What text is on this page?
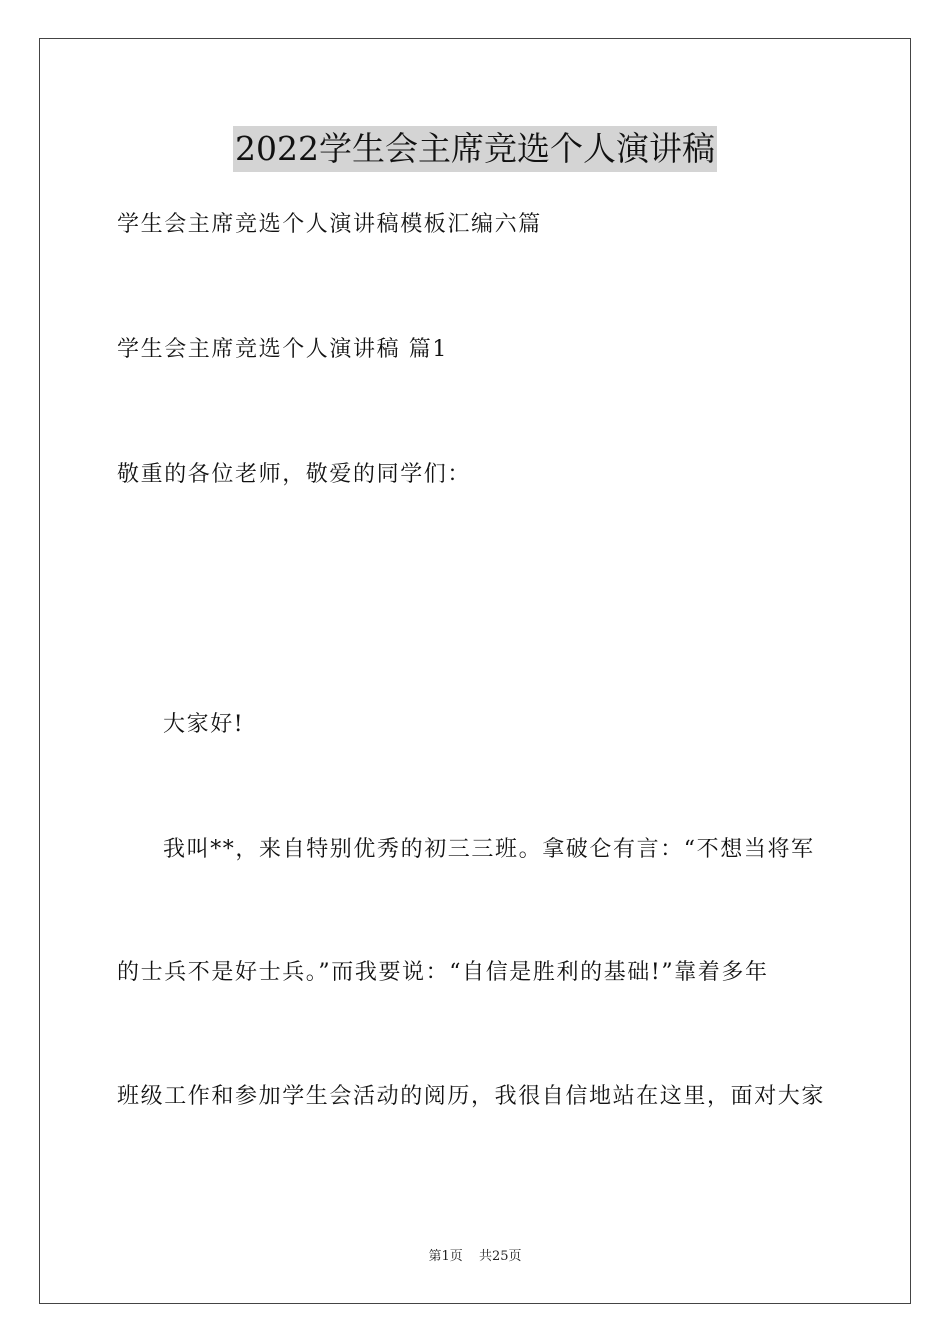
2022学生会主席竞选个人演讲稿
学生会主席竞选个人演讲稿模板汇编六篇
学生会主席竞选个人演讲稿 篇1
敬重的各位老师，敬爱的同学们：
大家好!
我叫**，来自特别优秀的初三三班。拿破仑有言：“不想当将军
的士兵不是好士兵。”而我要说：“自信是胜利的基础!”靠着多年
班级工作和参加学生会活动的阅历，我很自信地站在这里，面对大家
第1页 共25页
